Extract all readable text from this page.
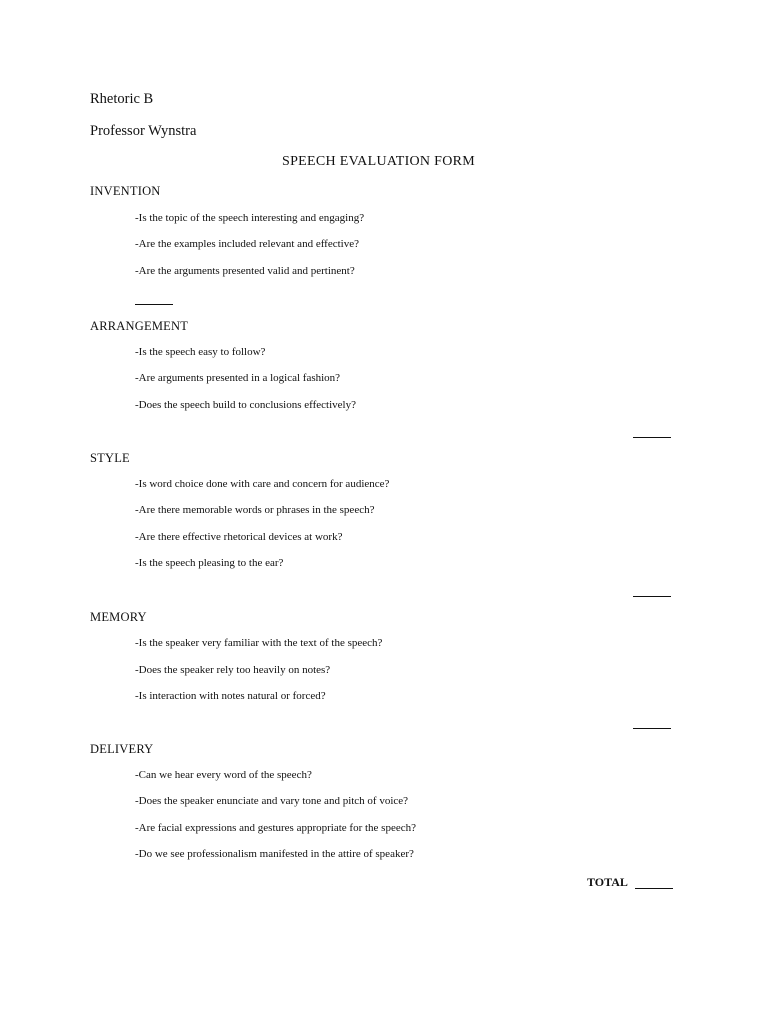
Rhetoric B
Professor Wynstra
SPEECH EVALUATION FORM
INVENTION
-Is the topic of the speech interesting and engaging?
-Are the examples included relevant and effective?
-Are the arguments presented valid and pertinent?
ARRANGEMENT
-Is the speech easy to follow?
-Are arguments presented in a logical fashion?
-Does the speech build to conclusions effectively?
STYLE
-Is word choice done with care and concern for audience?
-Are there memorable words or phrases in the speech?
-Are there effective rhetorical devices at work?
-Is the speech pleasing to the ear?
MEMORY
-Is the speaker very familiar with the text of the speech?
-Does the speaker rely too heavily on notes?
-Is interaction with notes natural or forced?
DELIVERY
-Can we hear every word of the speech?
-Does the speaker enunciate and vary tone and pitch of voice?
-Are facial expressions and gestures appropriate for the speech?
-Do we see professionalism manifested in the attire of speaker?
TOTAL
